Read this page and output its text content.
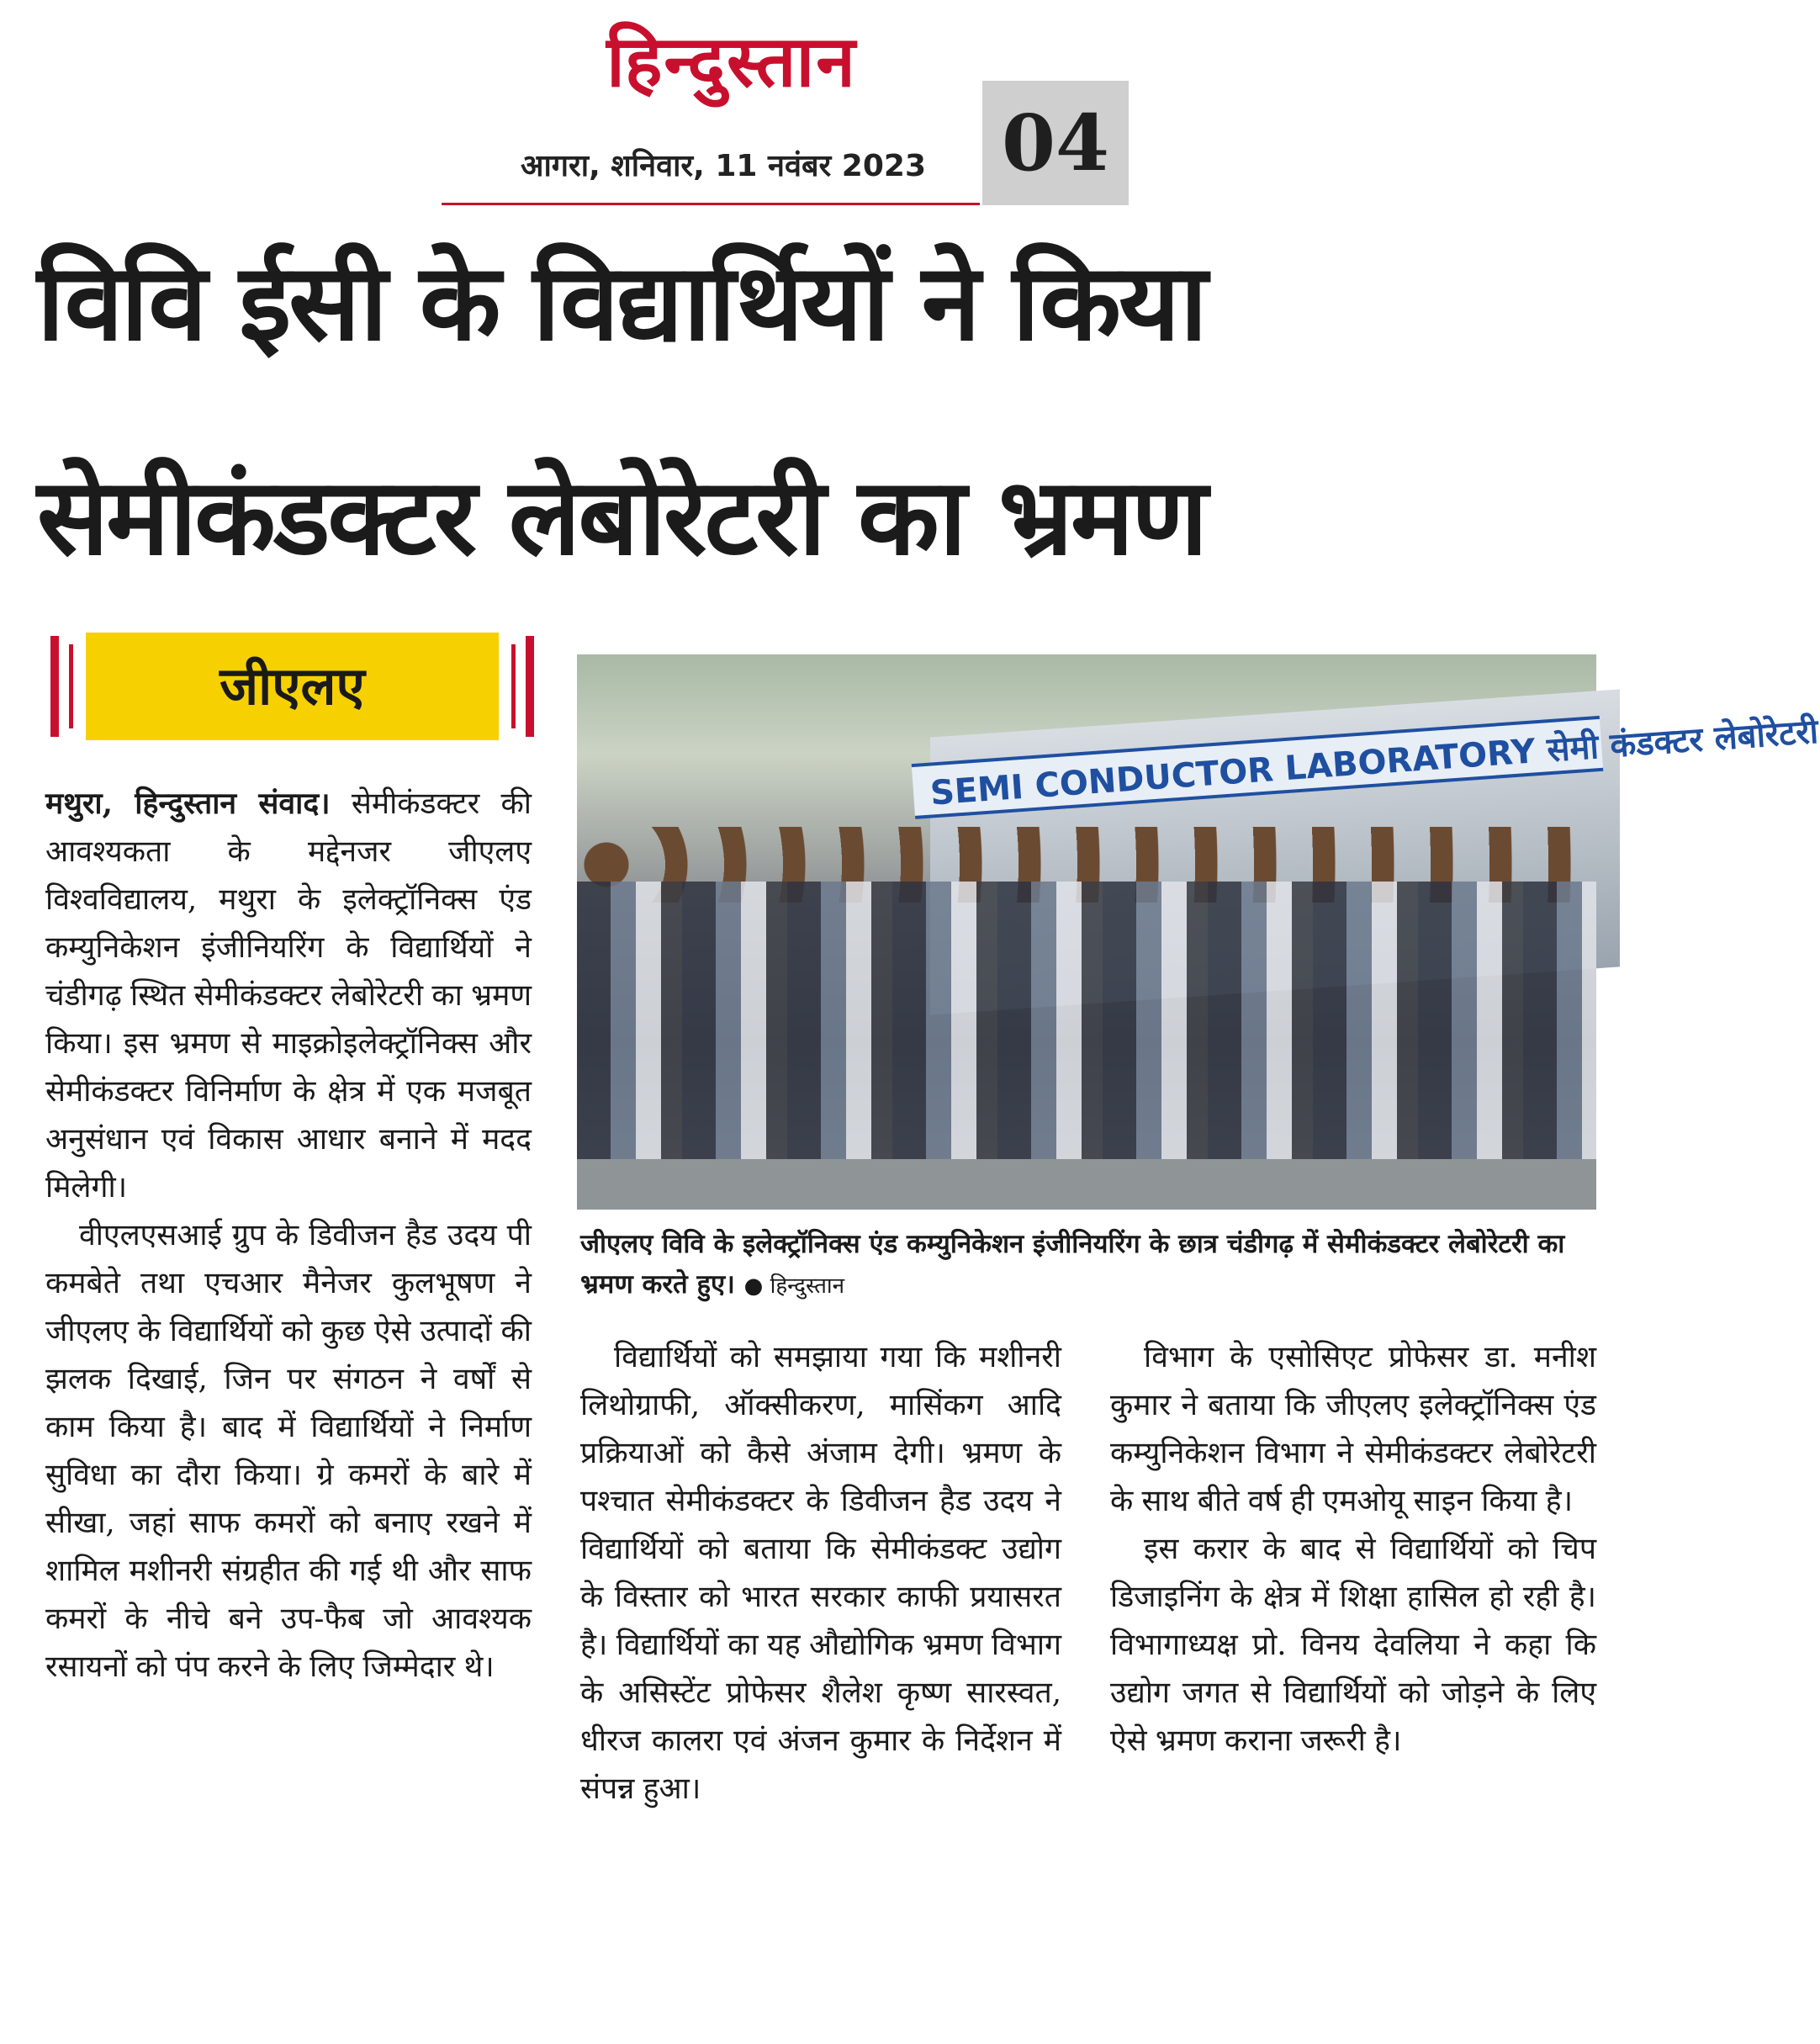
हिन्दुस्तान
आगरा, शनिवार, 11 नवंबर 2023 04
विवि ईसी के विद्यार्थियों ने किया
सेमीकंडक्टर लेबोरेटरी का भ्रमण
जीएलए
SEMI CONDUCTOR LABORATORY सेमी कंडक्टर लेबोरेटरी
जीएलए विवि के इलेक्ट्रॉनिक्स एंड कम्युनिकेशन इंजीनियरिंग के छात्र चंडीगढ़ में सेमीकंडक्टर लेबोरेटरी का भ्रमण करते हुए। ● हिन्दुस्तान

मथुरा, हिन्दुस्तान संवाद। सेमीकंडक्टर की आवश्यकता के मद्देनजर जीएलए विश्वविद्यालय, मथुरा के इलेक्ट्रॉनिक्स एंड कम्युनिकेशन इंजीनियरिंग के विद्यार्थियों ने चंडीगढ़ स्थित सेमीकंडक्टर लेबोरेटरी का भ्रमण किया। इस भ्रमण से माइक्रोइलेक्ट्रॉनिक्स और सेमीकंडक्टर विनिर्माण के क्षेत्र में एक मजबूत अनुसंधान एवं विकास आधार बनाने में मदद मिलेगी।

वीएलएसआई ग्रुप के डिवीजन हैड उदय पी कमबेते तथा एचआर मैनेजर कुलभूषण ने जीएलए के विद्यार्थियों को कुछ ऐसे उत्पादों की झलक दिखाई, जिन पर संगठन ने वर्षों से काम किया है। बाद में विद्यार्थियों ने निर्माण सुविधा का दौरा किया। ग्रे कमरों के बारे में सीखा, जहां साफ कमरों को बनाए रखने में शामिल मशीनरी संग्रहीत की गई थी और साफ कमरों के नीचे बने उप-फैब जो आवश्यक रसायनों को पंप करने के लिए जिम्मेदार थे।

विद्यार्थियों को समझाया गया कि मशीनरी लिथोग्राफी, ऑक्सीकरण, मासिंकग आदि प्रक्रियाओं को कैसे अंजाम देगी। भ्रमण के पश्चात सेमीकंडक्टर के डिवीजन हैड उदय ने विद्यार्थियों को बताया कि सेमीकंडक्ट उद्योग के विस्तार को भारत सरकार काफी प्रयासरत है। विद्यार्थियों का यह औद्योगिक भ्रमण विभाग के असिस्टेंट प्रोफेसर शैलेश कृष्ण सारस्वत, धीरज कालरा एवं अंजन कुमार के निर्देशन में संपन्न हुआ।

विभाग के एसोसिएट प्रोफेसर डा. मनीश कुमार ने बताया कि जीएलए इलेक्ट्रॉनिक्स एंड कम्युनिकेशन विभाग ने सेमीकंडक्टर लेबोरेटरी के साथ बीते वर्ष ही एमओयू साइन किया है।

इस करार के बाद से विद्यार्थियों को चिप डिजाइनिंग के क्षेत्र में शिक्षा हासिल हो रही है। विभागाध्यक्ष प्रो. विनय देवलिया ने कहा कि उद्योग जगत से विद्यार्थियों को जोड़ने के लिए ऐसे भ्रमण कराना जरूरी है।
